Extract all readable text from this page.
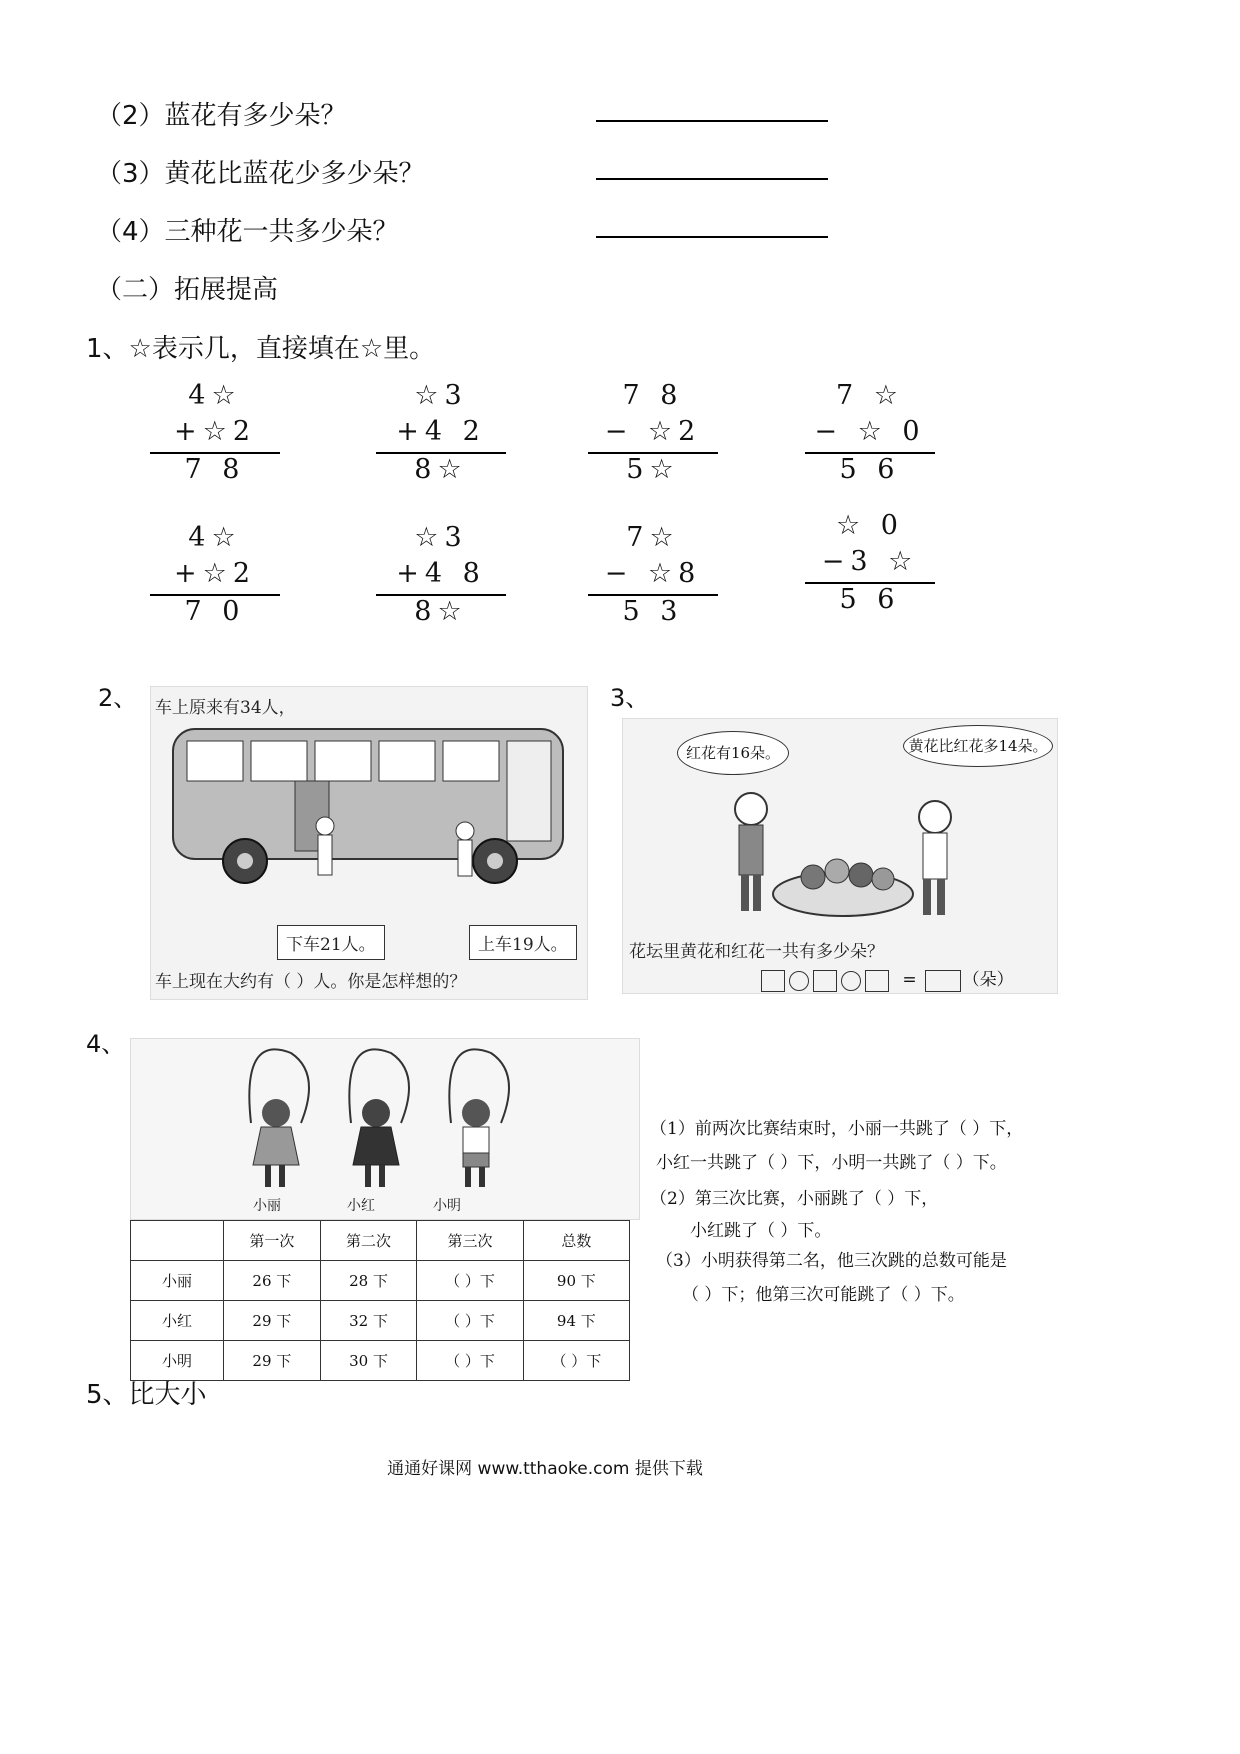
（2）蓝花有多少朵？
（3）黄花比蓝花少多少朵？
（4）三种花一共多少朵？
（二）拓展提高
1、☆表示几，直接填在☆里。
4☆
+☆2
7 8
☆3
+4 2
8☆
7 8
− ☆2
5☆
7 ☆
− ☆ 0
5 6
4☆
+☆2
7 0
☆3
+4 8
8☆
7☆
− ☆8
5 3
☆ 0
−3 ☆
5 6
2、 车上原来有34人，
下车21人。	上车19人。
车上现在大约有（ ）人。你是怎样想的？
3、
红花有16朵。	黄花比红花多14朵。
花坛里黄花和红花一共有多少朵？
=	（朵）
4、
小丽	小红	小明
	第一次	第二次	第三次	总数
小丽	26 下	28 下	（ ）下	90 下
小红	29 下	32 下	（ ）下	94 下
小明	29 下	30 下	（ ）下	（ ）下
（1）前两次比赛结束时，小丽一共跳了（ ）下，
小红一共跳了（ ）下，小明一共跳了（ ）下。
（2）第三次比赛，小丽跳了（ ）下，
小红跳了（ ）下。
（3）小明获得第二名，他三次跳的总数可能是
（ ）下；他第三次可能跳了（ ）下。
5、比大小
通通好课网 www.tthaoke.com 提供下载
